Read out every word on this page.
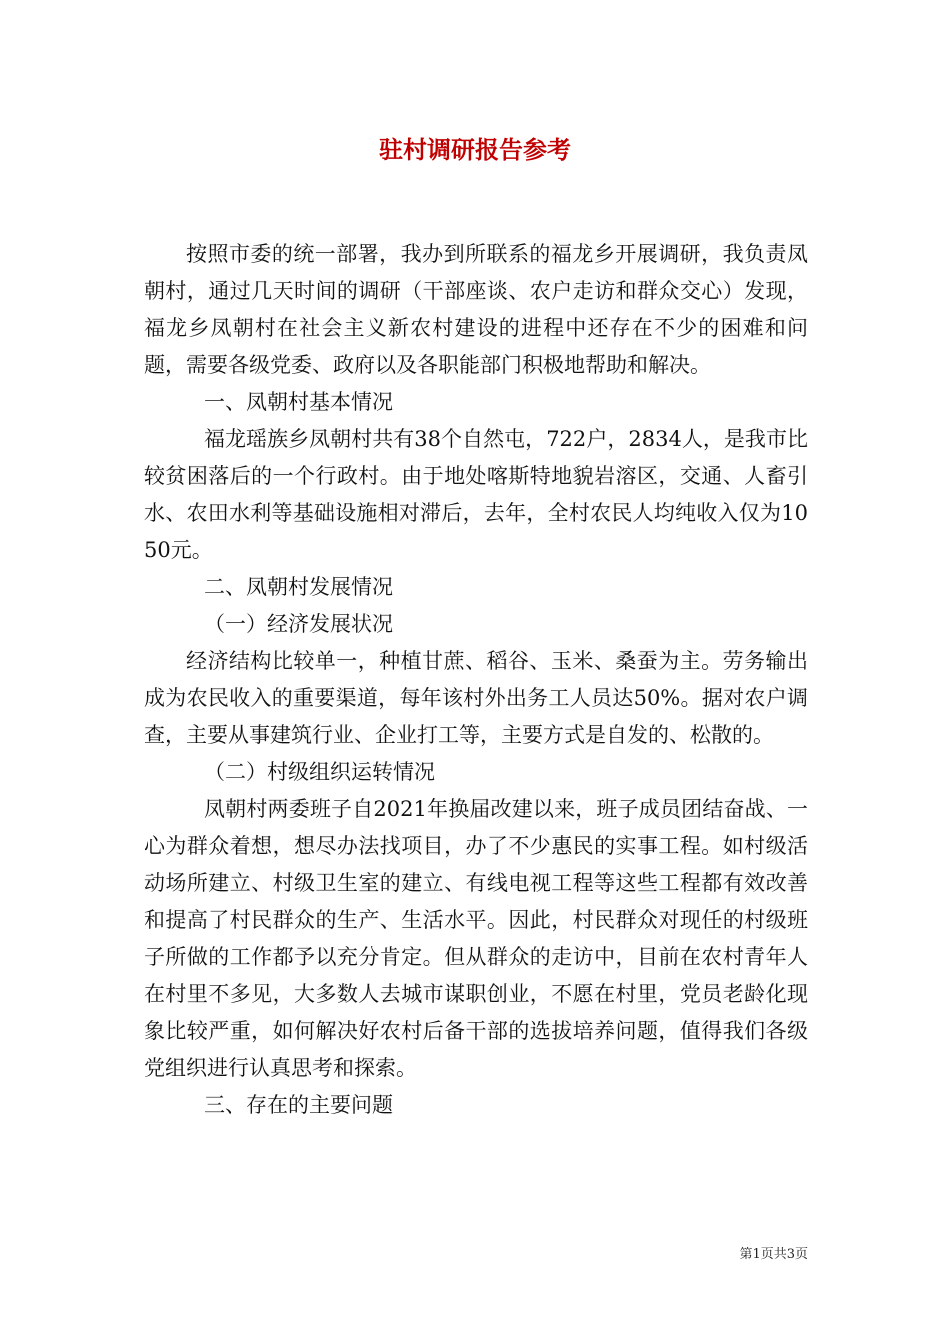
驻村调研报告参考

按照市委的统一部署，我办到所联系的福龙乡开展调研，我负责凤朝村，通过几天时间的调研（干部座谈、农户走访和群众交心）发现，福龙乡凤朝村在社会主义新农村建设的进程中还存在不少的困难和问题，需要各级党委、政府以及各职能部门积极地帮助和解决。

一、凤朝村基本情况

福龙瑶族乡凤朝村共有38个自然屯，722户，2834人，是我市比较贫困落后的一个行政村。由于地处喀斯特地貌岩溶区，交通、人畜引水、农田水利等基础设施相对滞后，去年，全村农民人均纯收入仅为1050元。

二、凤朝村发展情况

（一）经济发展状况

经济结构比较单一，种植甘蔗、稻谷、玉米、桑蚕为主。劳务输出成为农民收入的重要渠道，每年该村外出务工人员达50%。据对农户调查，主要从事建筑行业、企业打工等，主要方式是自发的、松散的。

（二）村级组织运转情况

凤朝村两委班子自2021年换届改建以来，班子成员团结奋战、一心为群众着想，想尽办法找项目，办了不少惠民的实事工程。如村级活动场所建立、村级卫生室的建立、有线电视工程等这些工程都有效改善和提高了村民群众的生产、生活水平。因此，村民群众对现任的村级班子所做的工作都予以充分肯定。但从群众的走访中，目前在农村青年人在村里不多见，大多数人去城市谋职创业，不愿在村里，党员老龄化现象比较严重，如何解决好农村后备干部的选拔培养问题，值得我们各级党组织进行认真思考和探索。

三、存在的主要问题

第1页共3页
